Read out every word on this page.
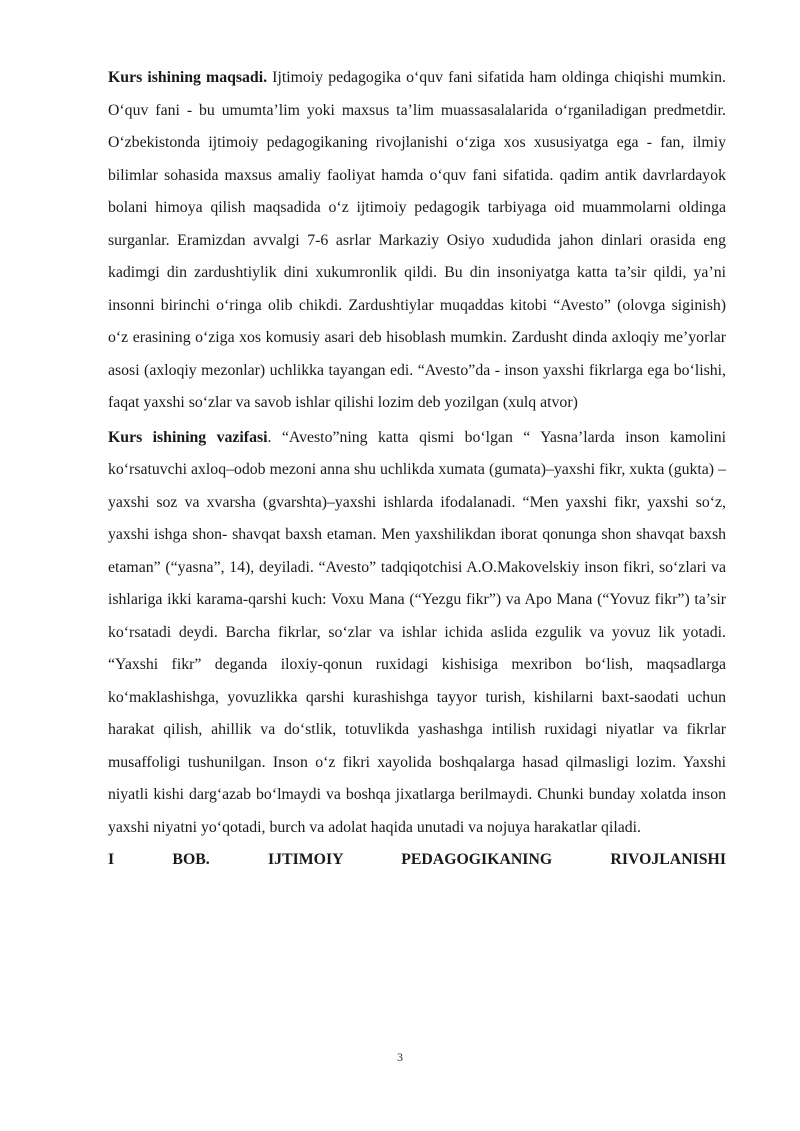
Kurs ishining maqsadi. Ijtimoiy pedagogika o‘quv fani sifatida ham oldinga chiqishi mumkin. O‘quv fani - bu umumta’lim yoki maxsus ta’lim muassasalalarida o‘rganiladigan predmetdir. O‘zbekistonda ijtimoiy pedagogikaning rivojlanishi o‘ziga xos xususiyatga ega - fan, ilmiy bilimlar sohasida maxsus amaliy faoliyat hamda o‘quv fani sifatida. qadim antik davrlardayok bolani himoya qilish maqsadida o‘z ijtimoiy pedagogik tarbiyaga oid muammolarni oldinga surganlar. Eramizdan avvalgi 7-6 asrlar Markaziy Osiyo xududida jahon dinlari orasida eng kadimgi din zardushtiylik dini xukumronlik qildi. Bu din insoniyatga katta ta’sir qildi, ya’ni insonni birinchi o‘ringa olib chikdi. Zardushtiylar muqaddas kitobi “Avesto” (olovga siginish) o‘z erasining o‘ziga xos komusiy asari deb hisoblash mumkin. Zardusht dinda axloqiy me’yorlar asosi (axloqiy mezonlar) uchlikka tayangan edi. “Avesto”da - inson yaxshi fikrlarga ega bo‘lishi, faqat yaxshi so‘zlar va savob ishlar qilishi lozim deb yozilgan (xulq atvor)

Kurs ishining vazifasi. “Avesto”ning katta qismi bo‘lgan “ Yasna’larda inson kamolini ko‘rsatuvchi axloq–odob mezoni anna shu uchlikda xumata (gumata)–yaxshi fikr, xukta (gukta) –yaxshi soz va xvarsha (gvarshta)–yaxshi ishlarda ifodalanadi. “Men yaxshi fikr, yaxshi so‘z, yaxshi ishga shon- shavqat baxsh etaman. Men yaxshilikdan iborat qonunga shon shavqat baxsh etaman” (“yasna”, 14), deyiladi. “Avesto” tadqiqotchisi A.O.Makovelskiy inson fikri, so‘zlari va ishlariga ikki karama-qarshi kuch: Voxu Mana (“Yezgu fikr”) va Apo Mana (“Yovuz fikr”) ta’sir ko‘rsatadi deydi. Barcha fikrlar, so‘zlar va ishlar ichida aslida ezgulik va yovuz lik yotadi. “Yaxshi fikr” deganda iloxiy-qonun ruxidagi kishisiga mexribon bo‘lish, maqsadlarga ko‘maklashishga, yovuzlikka qarshi kurashishga tayyor turish, kishilarni baxt-saodati uchun harakat qilish, ahillik va do‘stlik, totuvlikda yashashga intilish ruxidagi niyatlar va fikrlar musaffoligi tushunilgan. Inson o‘z fikri xayolida boshqalarga hasad qilmasligi lozim. Yaxshi niyatli kishi darg‘azab bo‘lmaydi va boshqa jixatlarga berilmaydi. Chunki bunday xolatda inson yaxshi niyatni yo‘qotadi, burch va adolat haqida unutadi va nojuya harakatlar qiladi.

I BOB. IJTIMOIY PEDAGOGIKANING RIVOJLANISHI

3
